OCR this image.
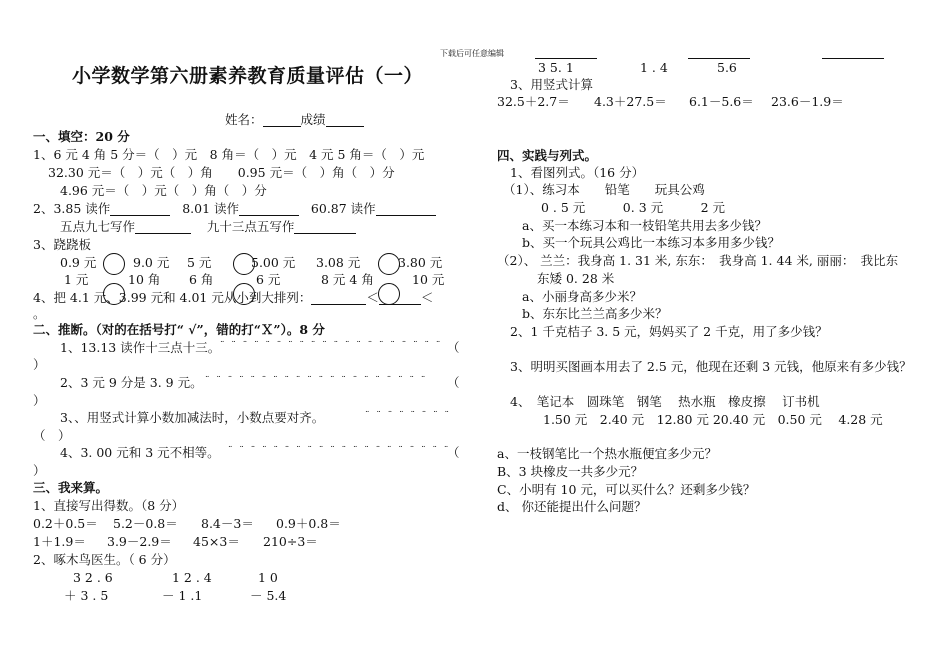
下载后可任意编辑
小学数学第六册素养教育质量评估（一）
姓名：	成绩
一、填空：20 分
1、6 元 4 角 5 分＝（　）元　8 角＝（　）元　4 元 5 角＝（　）元
32.30 元＝（　）元（　）角　　0.95 元＝（　）角（　）分
4.96 元＝（　）元（　）角（　）分
2、3.85 读作	8.01 读作	60.87 读作
五点九七写作	九十三点五写作
3、跷跷板
0.9 元	9.0 元 5 元	5.00 元 3.08 元	3.80 元
1 元	10 角 6 角	6 元	8 元 4 角	10 元
4、把 4.1 元、3.99 元和 4.01 元从小到大排列：	＜	＜
。
二、推断。（对的在括号打“ √”，错的打“Ｘ”）。8 分
1、13.13 读作十三点十三。 ¨ ¨ ¨ ¨ ¨ ¨ ¨ ¨ ¨ ¨ ¨ ¨ ¨ ¨ ¨ ¨ ¨ ¨ ¨ ¨ （
）
2、3 元 9 分是 3. 9 元。 ¨ ¨ ¨ ¨ ¨ ¨ ¨ ¨ ¨ ¨ ¨ ¨ ¨ ¨ ¨ ¨ ¨ ¨ ¨ ¨ （
）
3、、用竖式计算小数加减法时，小数点要对齐。	¨ ¨ ¨ ¨ ¨ ¨ ¨ ¨
（　）
4、3. 00 元和 3 元不相等。 ¨ ¨ ¨ ¨ ¨ ¨ ¨ ¨ ¨ ¨ ¨ ¨ ¨ ¨ ¨ ¨ ¨ ¨ ¨ ¨
（
）
三、我来算。
1、直接写出得数。（8 分）
0.2＋0.5＝ 5.2－0.8＝ 8.4－3＝ 0.9＋0.8＝
1＋1.9＝ 3.9－2.9＝ 45×3＝ 210÷3＝
2、啄木鸟医生。（ 6 分）
3 2 . 6	1 2 . 4	1 0
＋ 3 . 5	－ 1 .1	－ 5.4
3 5. 1	1 . 4	5.6
3、用竖式计算
32.5＋2.7＝ 4.3＋27.5＝ 6.1－5.6＝ 23.6－1.9＝
四、实践与列式。
1、看图列式。（16 分）
（1）、练习本　　铅笔　　玩具公鸡
0 . 5 元　　　0. 3 元　　　2 元
a、买一本练习本和一枝铅笔共用去多少钱？
b、买一个玩具公鸡比一本练习本多用多少钱？
（2）、 兰兰：我身高 1. 31 米, 东东：　我身高 1. 44 米, 丽丽：　我比东
东矮 0. 28 米
a、小丽身高多少米？
b、东东比兰兰高多少米？
2、1 千克桔子 3. 5 元，妈妈买了 2 千克，用了多少钱？
3、明明买图画本用去了 2.5 元，他现在还剩 3 元钱，他原来有多少钱？
4、　笔记本　圆珠笔　钢笔　 热水瓶　橡皮擦　 订书机
1.50 元　2.40 元　12.80 元 20.40 元　0.50 元　 4.28 元
a、一枝钢笔比一个热水瓶便宜多少元？
B、3 块橡皮一共多少元？
C、小明有 10 元，可以买什么？还剩多少钱？
d、 你还能提出什么问题？
